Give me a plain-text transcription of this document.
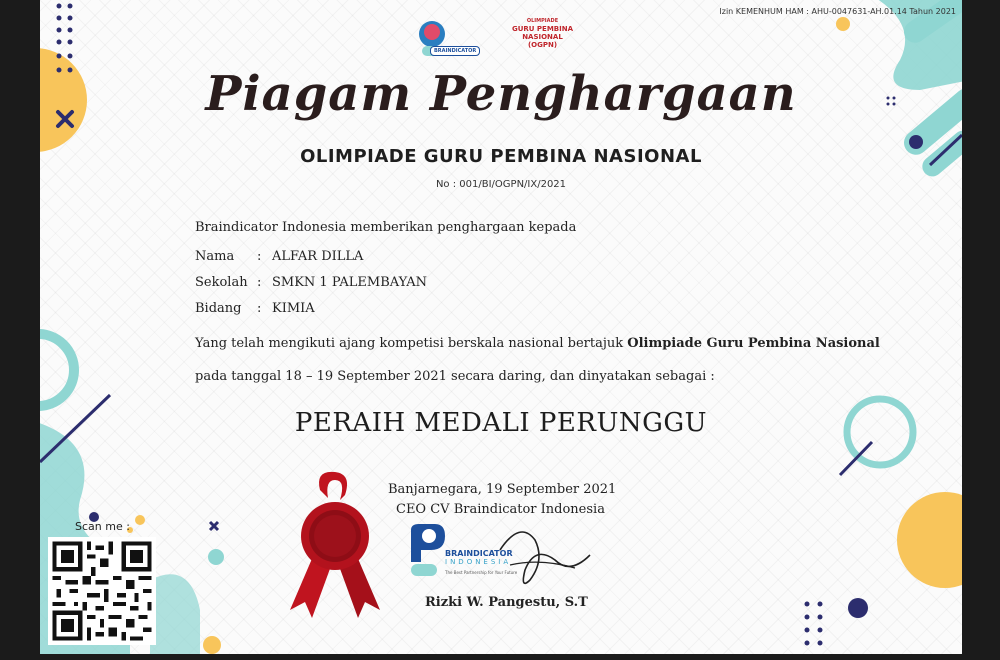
Izin KEMENHUM HAM : AHU-0047631-AH.01.14 Tahun 2021
BRAINDICATOR
OLIMPIADE
GURU PEMBINA NASIONAL
(OGPN)
Piagam Penghargaan
OLIMPIADE GURU PEMBINA NASIONAL
No : 001/BI/OGPN/IX/2021
Braindicator Indonesia memberikan penghargaan kepada
Nama : ALFAR DILLA
Sekolah : SMKN 1 PALEMBAYAN
Bidang : KIMIA
Yang telah mengikuti ajang kompetisi berskala nasional bertajuk Olimpiade Guru Pembina Nasional
pada tanggal 18 – 19 September 2021 secara daring, dan dinyatakan sebagai :
PERAIH MEDALI PERUNGGU
Banjarnegara, 19 September 2021
CEO CV Braindicator Indonesia
BRAINDICATOR
INDONESIA
The Best Partnership for Your Future
Rizki W. Pangestu, S.T
Scan me :
